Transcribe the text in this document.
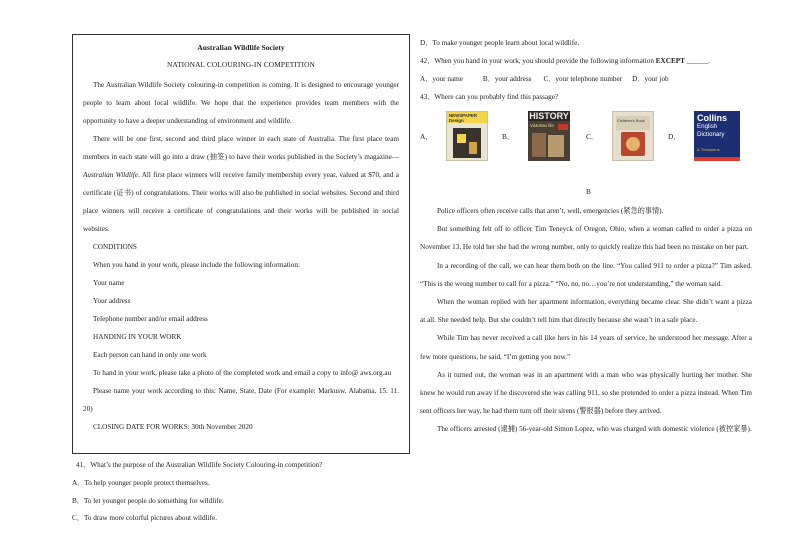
Australian Wildlife Society
NATIONAL COLOURING-IN COMPETITION

The Australian Wildlife Society colouring-in competition is coming. It is designed to encourage younger people to learn about local wildlife. We hope that the experience provides team members with the opportunity to have a deeper understanding of environment and wildlife.

There will be one first, second and third place winner in each state of Australia. The first place team members in each state will go into a draw (抽签) to have their works published in the Society’s magazine—Australian Wildlife. All first place winners will receive family membership every year, valued at $70, and a certificate (证书) of congratulations. Their works will also be published in social websites. Second and third place winners will receive a certificate of congratulations and their works will be published in social websites.

CONDITIONS

When you hand in your work, please include the following information:

Your name

Your address

Telephone number and/or email address

HANDING IN YOUR WORK

Each person can hand in only one work

To hand in your work, please take a photo of the completed work and email a copy to info@ aws.org.au

Please name your work according to this: Name, State, Date (For example: Markusw, Alabama, 15. 11. 20)

CLOSING DATE FOR WORKS: 30th November 2020

41．What’s the purpose of the Australian Wildlife Society Colouring-in competition?
A．To help younger people protect themselves.
B．To let younger people do something for wildlife.
C．To draw more colorful pictures about wildlife.
D．To make younger people learn about local wildlife.
42．When you hand in your work, you should provide the following information EXCEPT ______.
A．your name	B．your address C．your telephone number D．your job
43．Where can you probably find this passage?
A．
NEWSPAPER Design
B．
HISTORY
Victorian life
C．
Children's Book
D．
Collins
English Dictionary
& Thesaurus
B

Police officers often receive calls that aren’t, well, emergencies (紧急的事情).

But something felt off to officer Tim Teneyck of Oregon, Ohio, when a woman called to order a pizza on November 13. He told her she had the wrong number, only to quickly realize this had been no mistake on her part.

In a recording of the call, we can hear them both on the line. “You called 911 to order a pizza?” Tim asked. “This is the wrong number to call for a pizza.” “No, no, no…you’re not understanding,” the woman said.

When the woman replied with her apartment information, everything became clear. She didn’t want a pizza at all. She needed help. But she couldn’t tell him that directly because she wasn’t in a safe place.

While Tim has never received a call like hers in his 14 years of service, he understood her message. After a few more questions, he said, “I’m getting you now.”

As it turned out, the woman was in an apartment with a man who was physically hurting her mother. She knew he would run away if he discovered she was calling 911, so she pretended to order a pizza instead. When Tim sent officers her way, he had them turn off their sirens (警报器) before they arrived.

The officers arrested (逮捕) 56-year-old Simon Lopez, who was charged with domestic violence (被控家暴).
